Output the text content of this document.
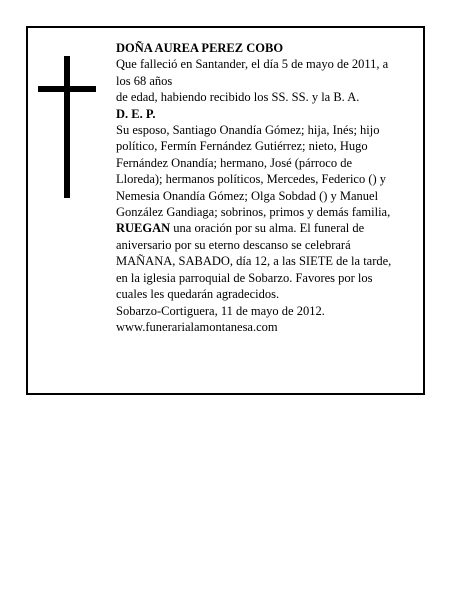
DOÑA AUREA PEREZ COBO
Que falleció en Santander, el día 5 de mayo de 2011, a
los 68 años
de edad, habiendo recibido los SS. SS. y la B. A.
D. E. P.
Su esposo, Santiago Onandía Gómez; hija, Inés; hijo
político, Fermín Fernández Gutiérrez; nieto, Hugo
Fernández Onandía; hermano, José (párroco de
Lloreda); hermanos políticos, Mercedes, Federico () y
Nemesia Onandía Gómez; Olga Sobdad () y Manuel
González Gandiaga; sobrinos, primos y demás familia,
RUEGAN una oración por su alma. El funeral de
aniversario por su eterno descanso se celebrará
MAÑANA, SABADO, día 12, a las SIETE de la tarde,
en la iglesia parroquial de Sobarzo. Favores por los
cuales les quedarán agradecidos.
Sobarzo-Cortiguera, 11 de mayo de 2012.
www.funerarialamontanesa.com
